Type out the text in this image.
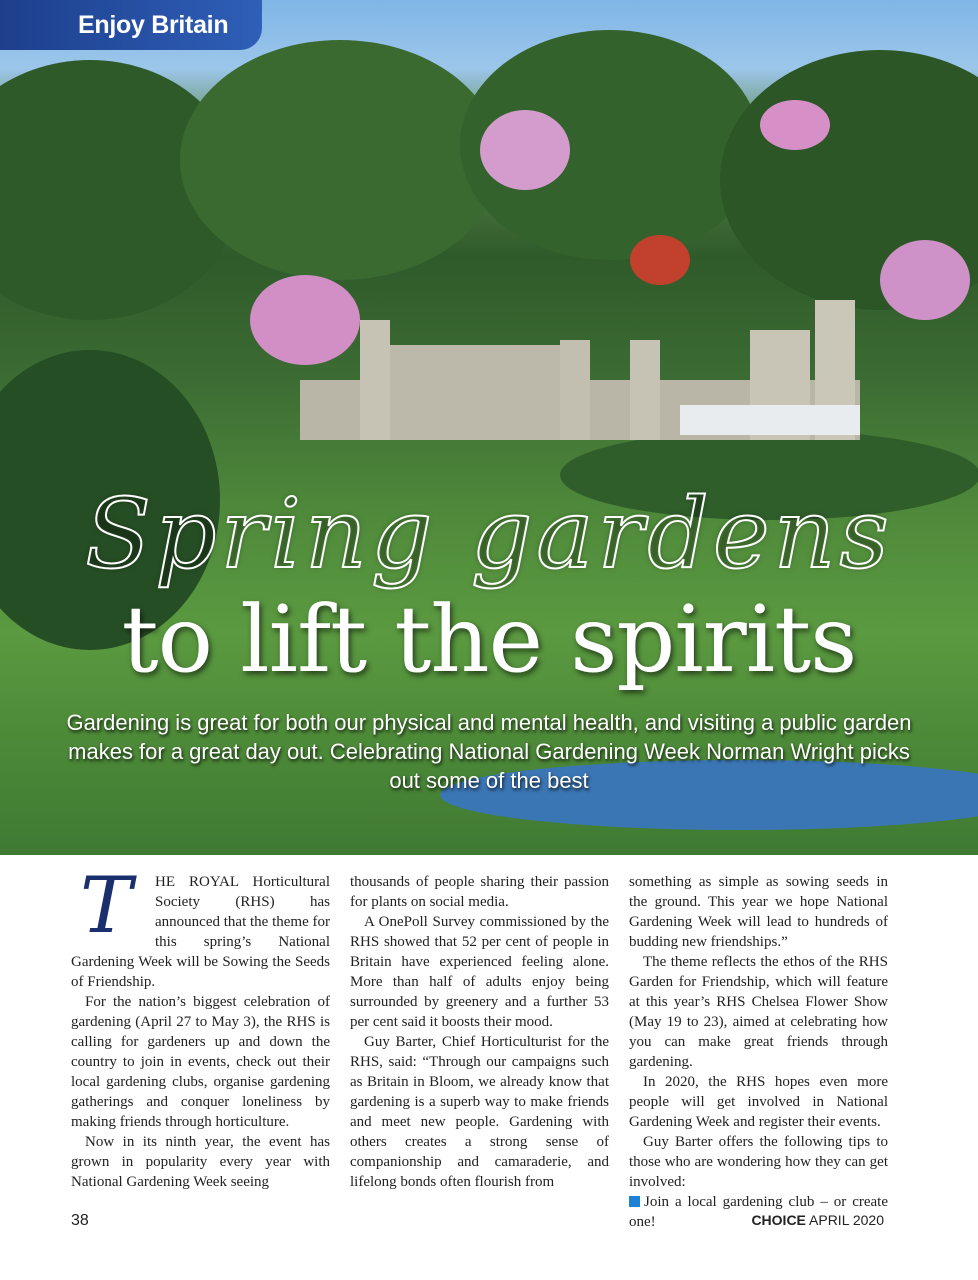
Enjoy Britain
Spring gardens
to lift the spirits
Gardening is great for both our physical and mental health, and visiting a public garden makes for a great day out. Celebrating National Gardening Week Norman Wright picks out some of the best
T	HE ROYAL Horticultural Society (RHS) has announced that the theme for this spring’s National Gardening Week will be Sowing the Seeds of Friendship.

For the nation’s biggest celebration of gardening (April 27 to May 3), the RHS is calling for gardeners up and down the country to join in events, check out their local gardening clubs, organise gardening gatherings and conquer loneliness by making friends through horticulture.

Now in its ninth year, the event has grown in popularity every year with National Gardening Week seeing

thousands of people sharing their passion for plants on social media.

A OnePoll Survey commissioned by the RHS showed that 52 per cent of people in Britain have experienced feeling alone. More than half of adults enjoy being surrounded by greenery and a further 53 per cent said it boosts their mood.

Guy Barter, Chief Horticulturist for the RHS, said: “Through our campaigns such as Britain in Bloom, we already know that gardening is a superb way to make friends and meet new people. Gardening with others creates a strong sense of companionship and camaraderie, and lifelong bonds often flourish from

something as simple as sowing seeds in the ground. This year we hope National Gardening Week will lead to hundreds of budding new friendships.”

The theme reflects the ethos of the RHS Garden for Friendship, which will feature at this year’s RHS Chelsea Flower Show (May 19 to 23), aimed at celebrating how you can make great friends through gardening.

In 2020, the RHS hopes even more people will get involved in National Gardening Week and register their events.

Guy Barter offers the following tips to those who are wondering how they can get involved:

Join a local gardening club – or create one!

38	CHOICE APRIL 2020
